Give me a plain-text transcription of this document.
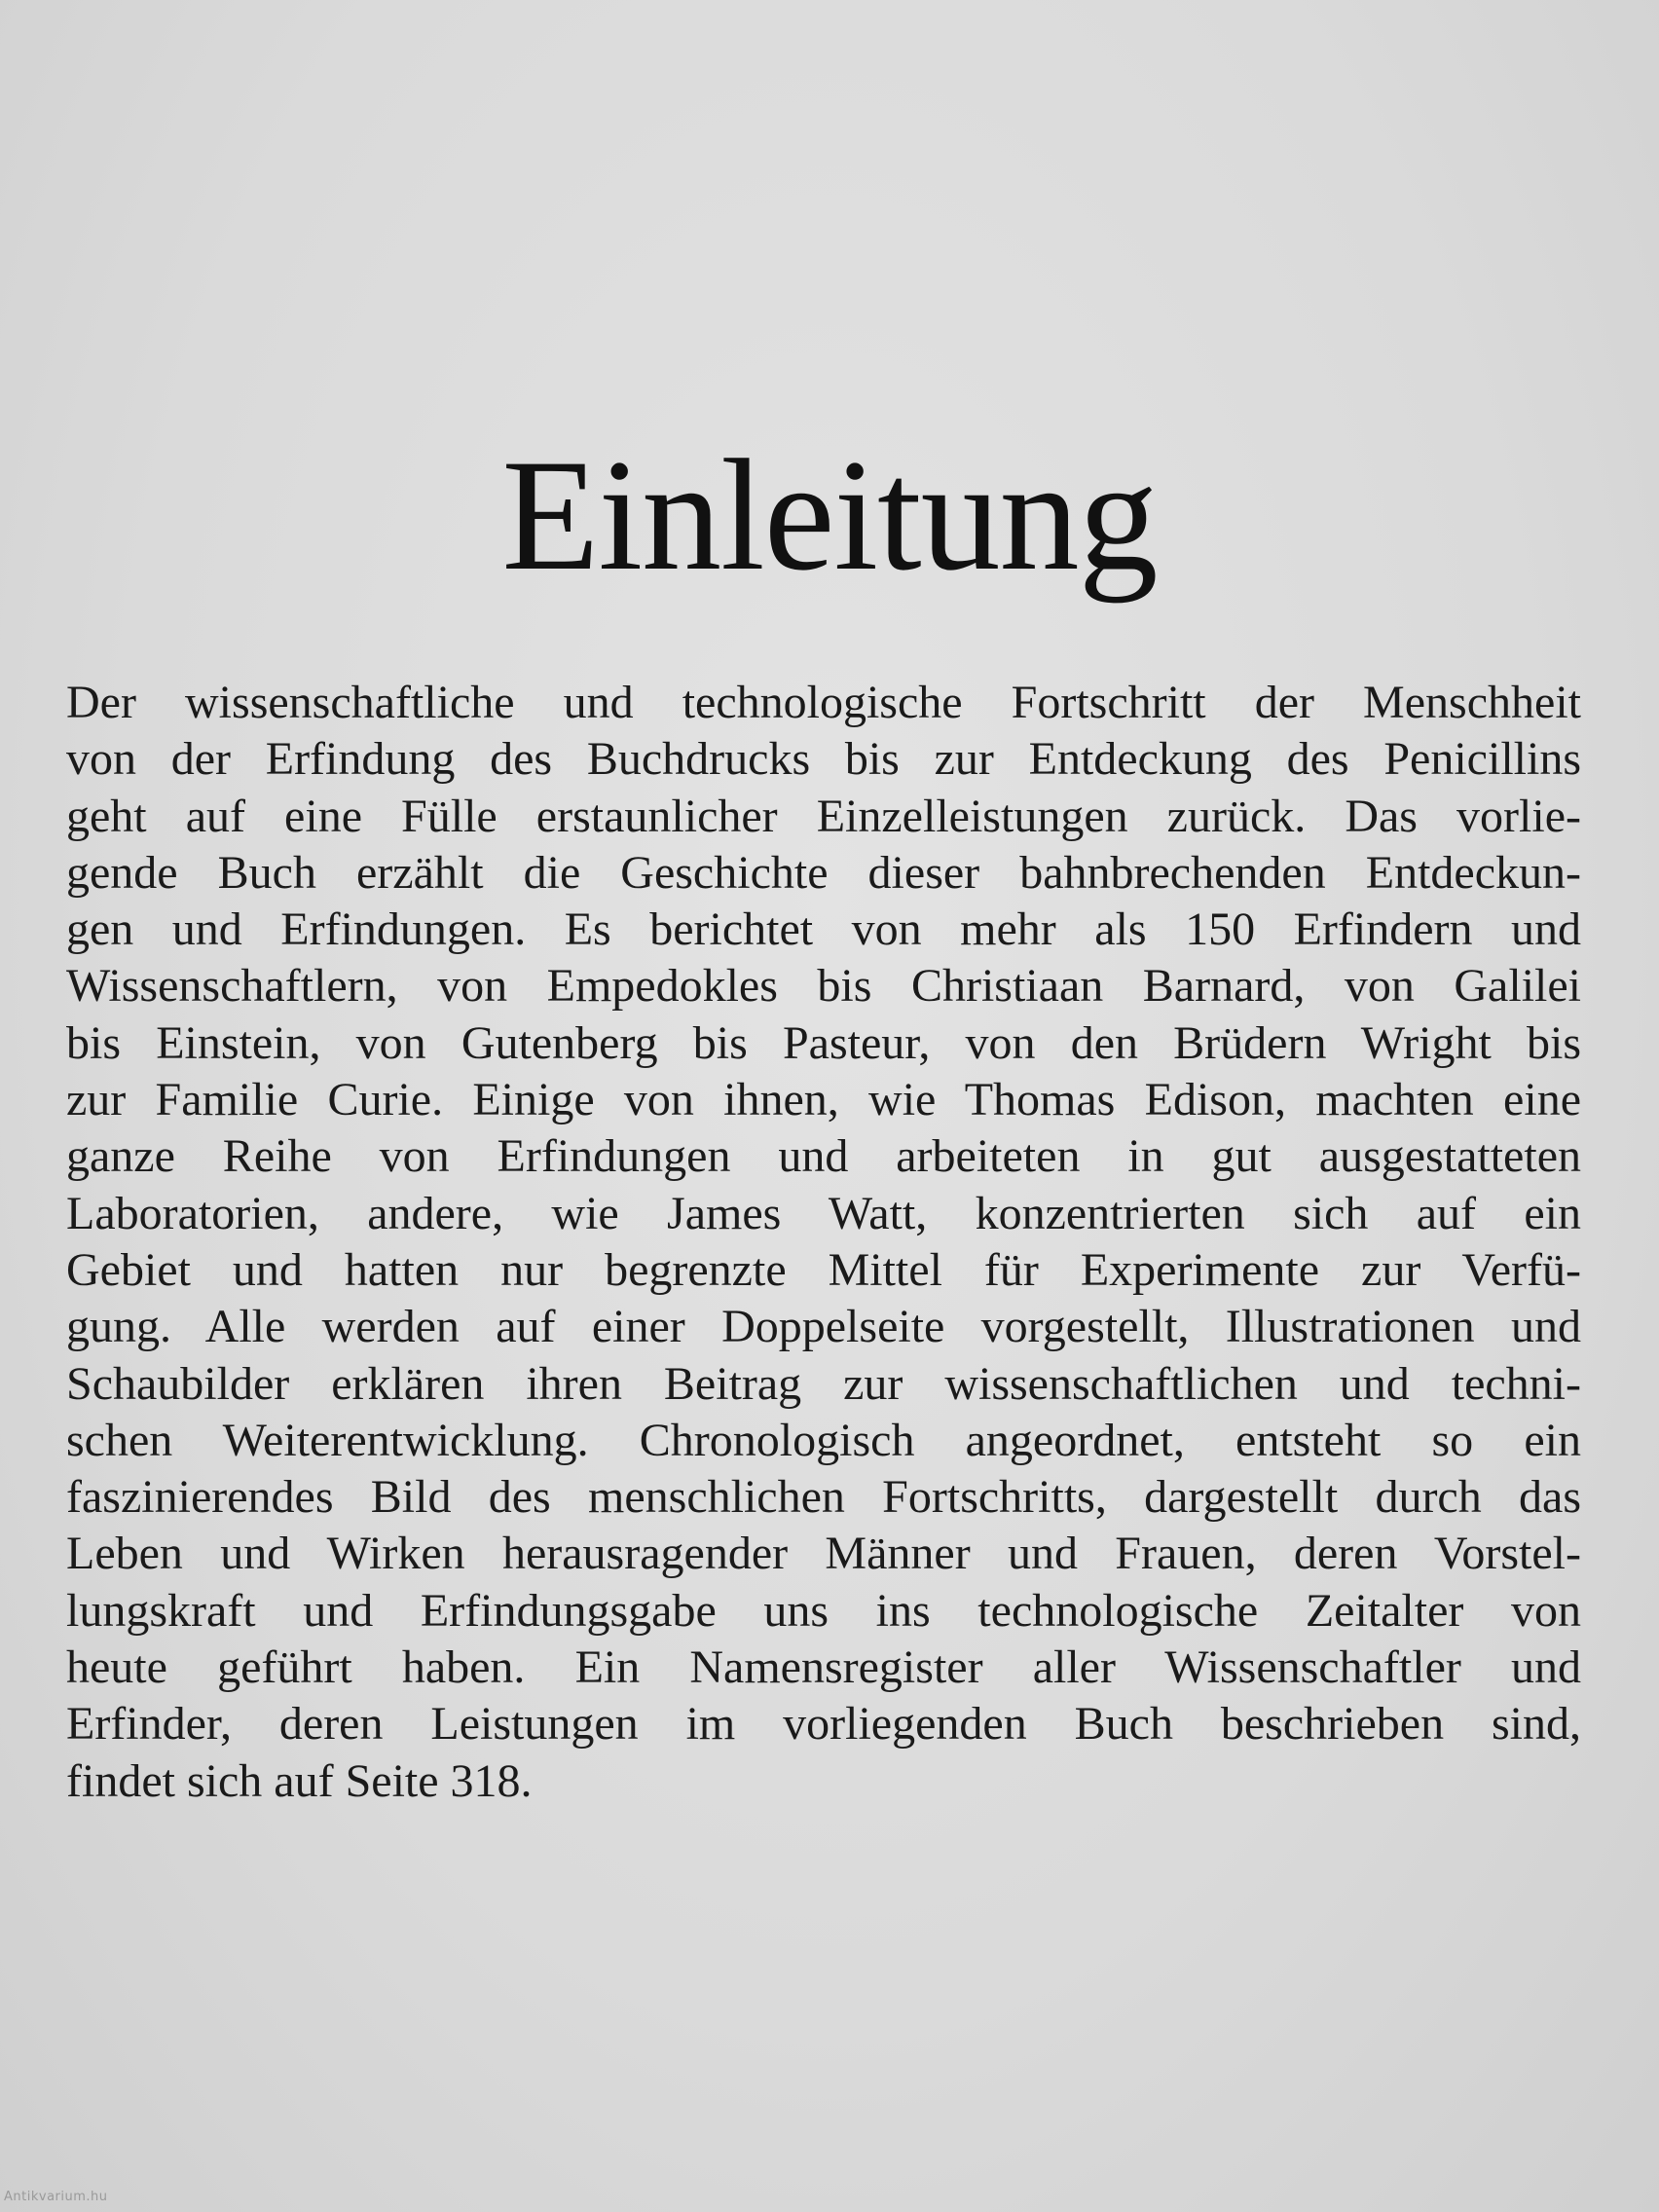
Einleitung
Der wissenschaftliche und technologische Fortschritt der Menschheit
von der Erfindung des Buchdrucks bis zur Entdeckung des Penicillins
geht auf eine Fülle erstaunlicher Einzelleistungen zurück. Das vorlie-
gende Buch erzählt die Geschichte dieser bahnbrechenden Entdeckun-
gen und Erfindungen. Es berichtet von mehr als 150 Erfindern und
Wissenschaftlern, von Empedokles bis Christiaan Barnard, von Galilei
bis Einstein, von Gutenberg bis Pasteur, von den Brüdern Wright bis
zur Familie Curie. Einige von ihnen, wie Thomas Edison, machten eine
ganze Reihe von Erfindungen und arbeiteten in gut ausgestatteten
Laboratorien, andere, wie James Watt, konzentrierten sich auf ein
Gebiet und hatten nur begrenzte Mittel für Experimente zur Verfü-
gung. Alle werden auf einer Doppelseite vorgestellt, Illustrationen und
Schaubilder erklären ihren Beitrag zur wissenschaftlichen und techni-
schen Weiterentwicklung. Chronologisch angeordnet, entsteht so ein
faszinierendes Bild des menschlichen Fortschritts, dargestellt durch das
Leben und Wirken herausragender Männer und Frauen, deren Vorstel-
lungskraft und Erfindungsgabe uns ins technologische Zeitalter von
heute geführt haben. Ein Namensregister aller Wissenschaftler und
Erfinder, deren Leistungen im vorliegenden Buch beschrieben sind,
findet sich auf Seite 318.
Antikvarium.hu
